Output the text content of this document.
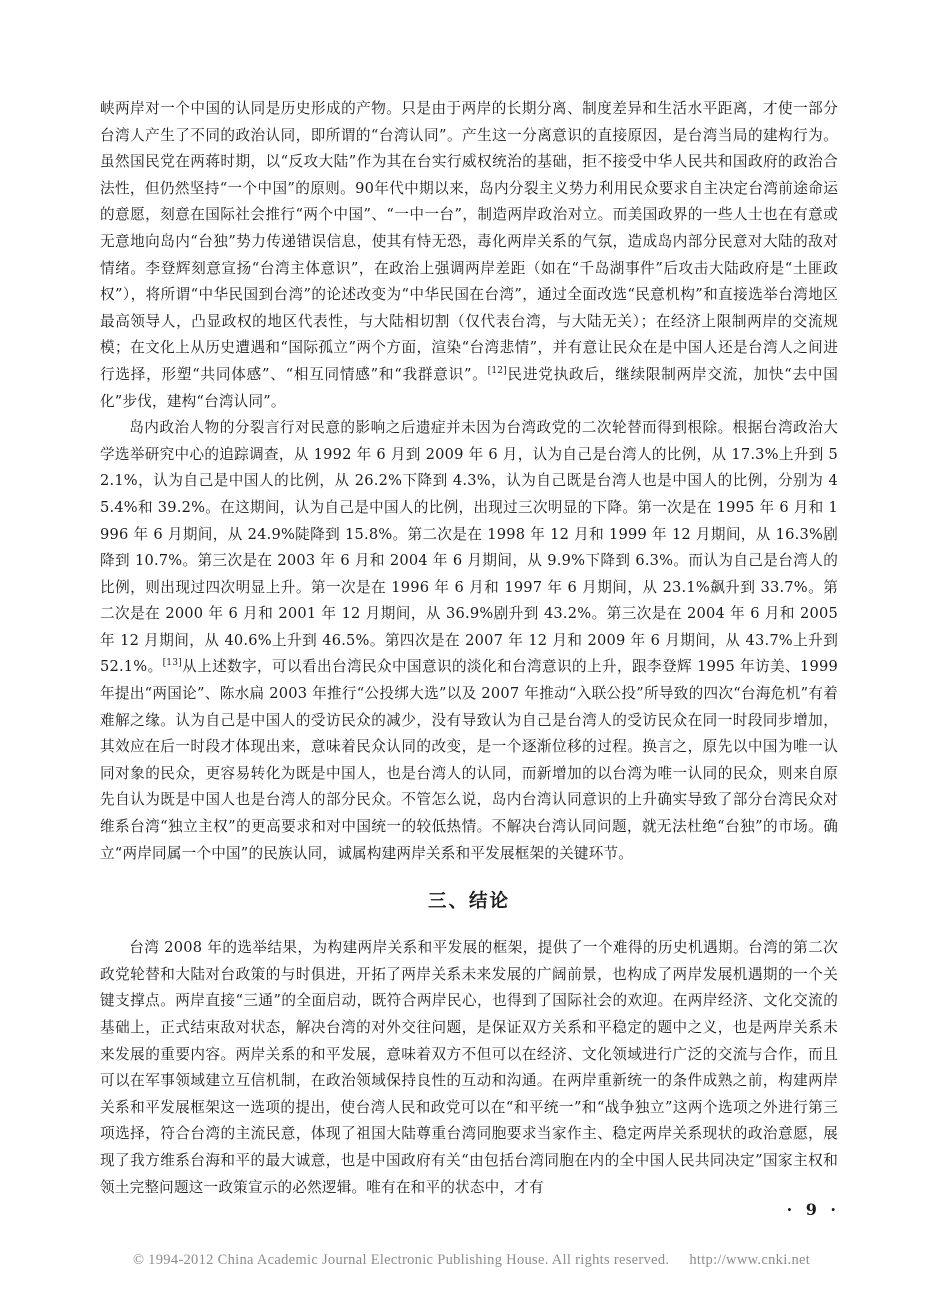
峡两岸对一个中国的认同是历史形成的产物。只是由于两岸的长期分离、制度差异和生活水平距离，才使一部分台湾人产生了不同的政治认同，即所谓的“台湾认同”。产生这一分离意识的直接原因，是台湾当局的建构行为。虽然国民党在两蒋时期，以“反攻大陆”作为其在台实行威权统治的基础，拒不接受中华人民共和国政府的政治合法性，但仍然坚持“一个中国”的原则。90年代中期以来，岛内分裂主义势力利用民众要求自主决定台湾前途命运的意愿，刻意在国际社会推行“两个中国”、“一中一台”，制造两岸政治对立。而美国政界的一些人士也在有意或无意地向岛内“台独”势力传递错误信息，使其有恃无恐，毒化两岸关系的气氛，造成岛内部分民意对大陆的敌对情绪。李登辉刻意宣扬“台湾主体意识”，在政治上强调两岸差距（如在“千岛湖事件”后攻击大陆政府是“土匪政权”），将所谓“中华民国到台湾”的论述改变为“中华民国在台湾”，通过全面改选“民意机构”和直接选举台湾地区最高领导人，凸显政权的地区代表性，与大陆相切割（仅代表台湾，与大陆无关）；在经济上限制两岸的交流规模；在文化上从历史遭遇和“国际孤立”两个方面，渲染“台湾悲情”，并有意让民众在是中国人还是台湾人之间进行选择，形塑“共同体感”、“相互同情感”和“我群意识”。[12]民进党执政后，继续限制两岸交流，加快“去中国化”步伐，建构“台湾认同”。

岛内政治人物的分裂言行对民意的影响之后遗症并未因为台湾政党的二次轮替而得到根除。根据台湾政治大学选举研究中心的追踪调查，从 1992 年 6 月到 2009 年 6 月，认为自己是台湾人的比例，从 17.3%上升到 52.1%，认为自己是中国人的比例，从 26.2%下降到 4.3%，认为自己既是台湾人也是中国人的比例，分别为 45.4%和 39.2%。在这期间，认为自己是中国人的比例，出现过三次明显的下降。第一次是在 1995 年 6 月和 1996 年 6 月期间，从 24.9%陡降到 15.8%。第二次是在 1998 年 12 月和 1999 年 12 月期间，从 16.3%剧降到 10.7%。第三次是在 2003 年 6 月和 2004 年 6 月期间，从 9.9%下降到 6.3%。而认为自己是台湾人的比例，则出现过四次明显上升。第一次是在 1996 年 6 月和 1997 年 6 月期间，从 23.1%飙升到 33.7%。第二次是在 2000 年 6 月和 2001 年 12 月期间，从 36.9%剧升到 43.2%。第三次是在 2004 年 6 月和 2005 年 12 月期间，从 40.6%上升到 46.5%。第四次是在 2007 年 12 月和 2009 年 6 月期间，从 43.7%上升到 52.1%。[13]从上述数字，可以看出台湾民众中国意识的淡化和台湾意识的上升，跟李登辉 1995 年访美、1999 年提出“两国论”、陈水扁 2003 年推行“公投绑大选”以及 2007 年推动“入联公投”所导致的四次“台海危机”有着难解之缘。认为自己是中国人的受访民众的减少，没有导致认为自己是台湾人的受访民众在同一时段同步增加，其效应在后一时段才体现出来，意味着民众认同的改变，是一个逐渐位移的过程。换言之，原先以中国为唯一认同对象的民众，更容易转化为既是中国人，也是台湾人的认同，而新增加的以台湾为唯一认同的民众，则来自原先自认为既是中国人也是台湾人的部分民众。不管怎么说，岛内台湾认同意识的上升确实导致了部分台湾民众对维系台湾“独立主权”的更高要求和对中国统一的较低热情。不解决台湾认同问题，就无法杜绝“台独”的市场。确立“两岸同属一个中国”的民族认同，诚属构建两岸关系和平发展框架的关键环节。

三、结论

台湾 2008 年的选举结果，为构建两岸关系和平发展的框架，提供了一个难得的历史机遇期。台湾的第二次政党轮替和大陆对台政策的与时俱进，开拓了两岸关系未来发展的广阔前景，也构成了两岸发展机遇期的一个关键支撑点。两岸直接“三通”的全面启动，既符合两岸民心，也得到了国际社会的欢迎。在两岸经济、文化交流的基础上，正式结束敌对状态，解决台湾的对外交往问题，是保证双方关系和平稳定的题中之义，也是两岸关系未来发展的重要内容。两岸关系的和平发展，意味着双方不但可以在经济、文化领域进行广泛的交流与合作，而且可以在军事领域建立互信机制，在政治领域保持良性的互动和沟通。在两岸重新统一的条件成熟之前，构建两岸关系和平发展框架这一选项的提出，使台湾人民和政党可以在“和平统一”和“战争独立”这两个选项之外进行第三项选择，符合台湾的主流民意，体现了祖国大陆尊重台湾同胞要求当家作主、稳定两岸关系现状的政治意愿，展现了我方维系台海和平的最大诚意，也是中国政府有关“由包括台湾同胞在内的全中国人民共同决定”国家主权和领土完整问题这一政策宣示的必然逻辑。唯有在和平的状态中，才有

· 9 ·
© 1994-2012 China Academic Journal Electronic Publishing House. All rights reserved. http://www.cnki.net
